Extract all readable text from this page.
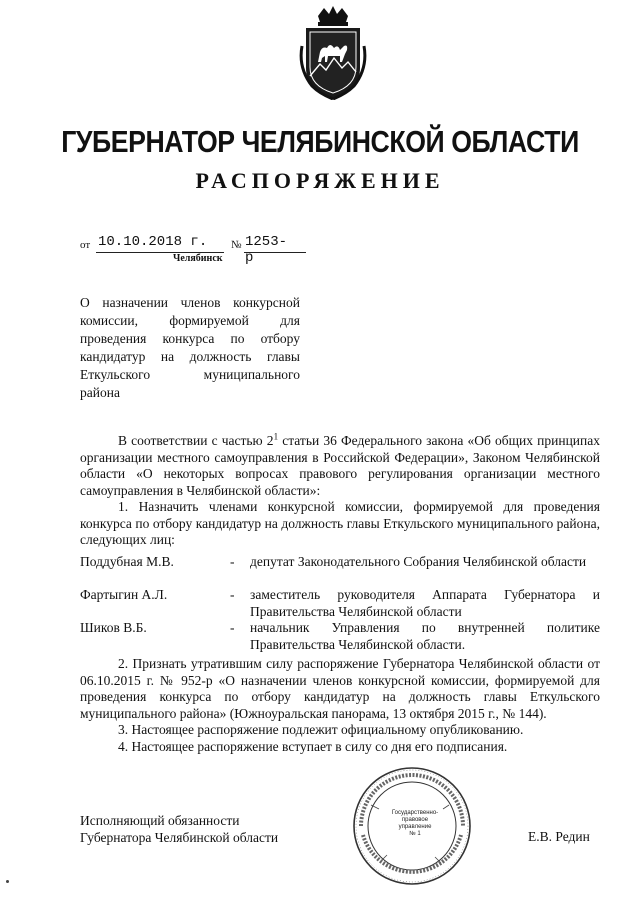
ГУБЕРНАТОР ЧЕЛЯБИНСКОЙ ОБЛАСТИ
РАСПОРЯЖЕНИЕ
от 10.10.2018 г. № 1253-р
Челябинск
О назначении членов конкурсной
комиссии, формируемой для
проведения конкурса по отбору
кандидатур на должность главы
Еткульского муниципального
района
В соответствии с частью $2^1$ статьи 36 Федерального закона «Об общих принципах организации местного самоуправления в Российской Федерации», Законом Челябинской области «О некоторых вопросах правового регулирования организации местного самоуправления в Челябинской области»:
1. Назначить членами конкурсной комиссии, формируемой для проведения конкурса по отбору кандидатур на должность главы Еткульского муниципального района, следующих лиц:
Поддубная М.В.	- депутат Законодательного Собрания Челябинской области
Фартыгин А.Л.	- заместитель руководителя Аппарата Губернатора и Правительства Челябинской области
Шиков В.Б.	- начальник Управления по внутренней политике Правительства Челябинской области.
2. Признать утратившим силу распоряжение Губернатора Челябинской области от 06.10.2015 г. № 952-р «О назначении членов конкурсной комиссии, формируемой для проведения конкурса по отбору кандидатур на должность главы Еткульского муниципального района» (Южноуральская панорама, 13 октября 2015 г., № 144).
3. Настоящее распоряжение подлежит официальному опубликованию.
4. Настоящее распоряжение вступает в силу со дня его подписания.
Государственно-
правовое
управление
№ 1
Исполняющий обязанности
Губернатора Челябинской области	Е.В. Редин
